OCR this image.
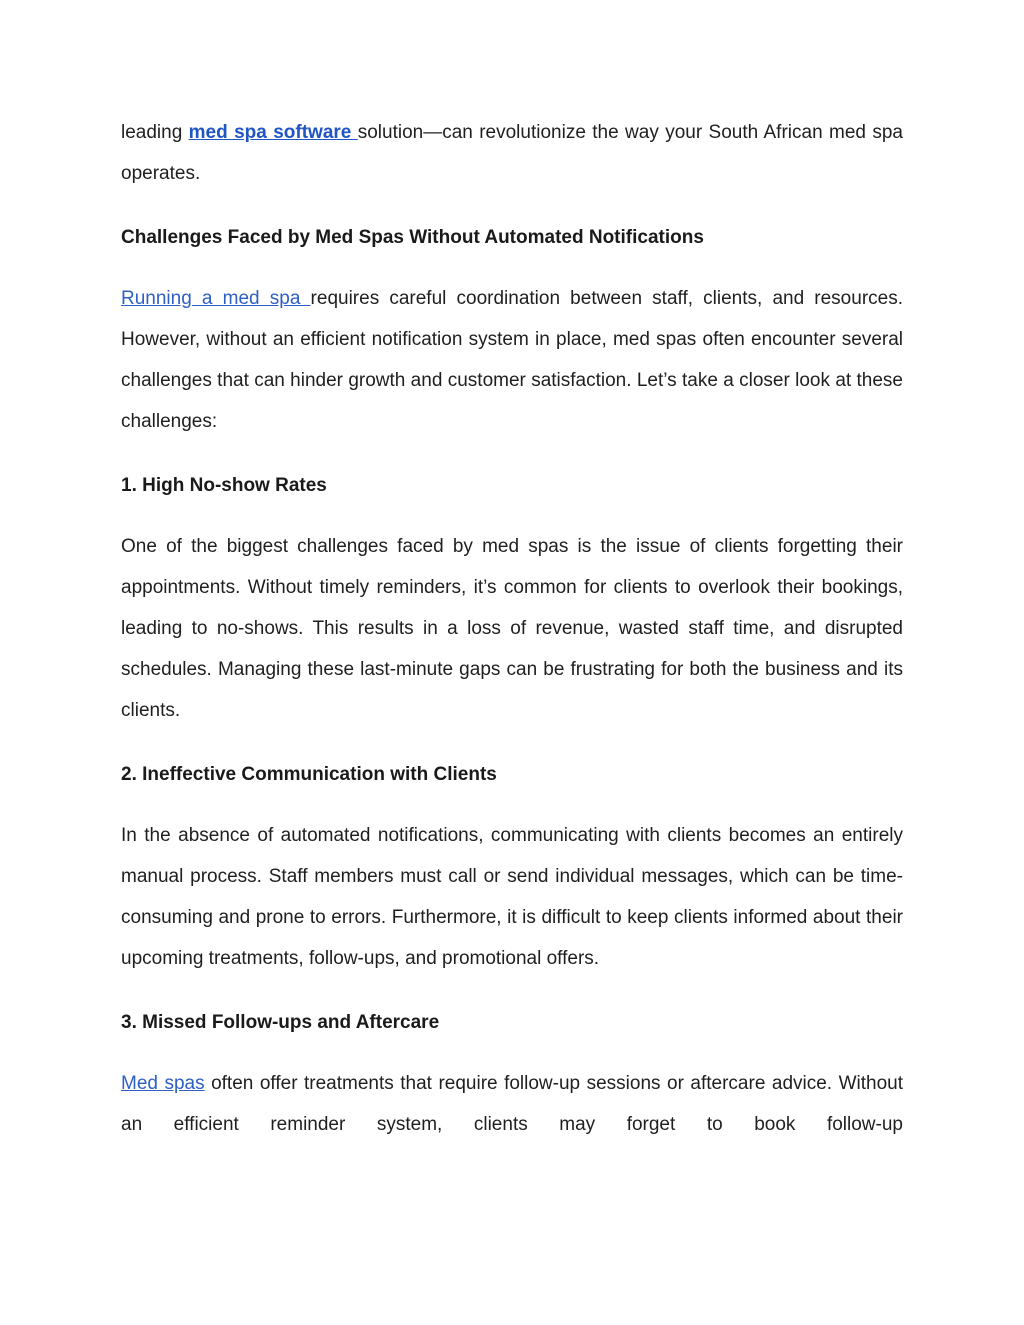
leading med spa software solution—can revolutionize the way your South African med spa operates.

Challenges Faced by Med Spas Without Automated Notifications

Running a med spa requires careful coordination between staff, clients, and resources. However, without an efficient notification system in place, med spas often encounter several challenges that can hinder growth and customer satisfaction. Let’s take a closer look at these challenges:

1. High No-show Rates

One of the biggest challenges faced by med spas is the issue of clients forgetting their appointments. Without timely reminders, it’s common for clients to overlook their bookings, leading to no-shows. This results in a loss of revenue, wasted staff time, and disrupted schedules. Managing these last-minute gaps can be frustrating for both the business and its clients.

2. Ineffective Communication with Clients

In the absence of automated notifications, communicating with clients becomes an entirely manual process. Staff members must call or send individual messages, which can be time-consuming and prone to errors. Furthermore, it is difficult to keep clients informed about their upcoming treatments, follow-ups, and promotional offers.

3. Missed Follow-ups and Aftercare

Med spas often offer treatments that require follow-up sessions or aftercare advice. Without an efficient reminder system, clients may forget to book follow-up
